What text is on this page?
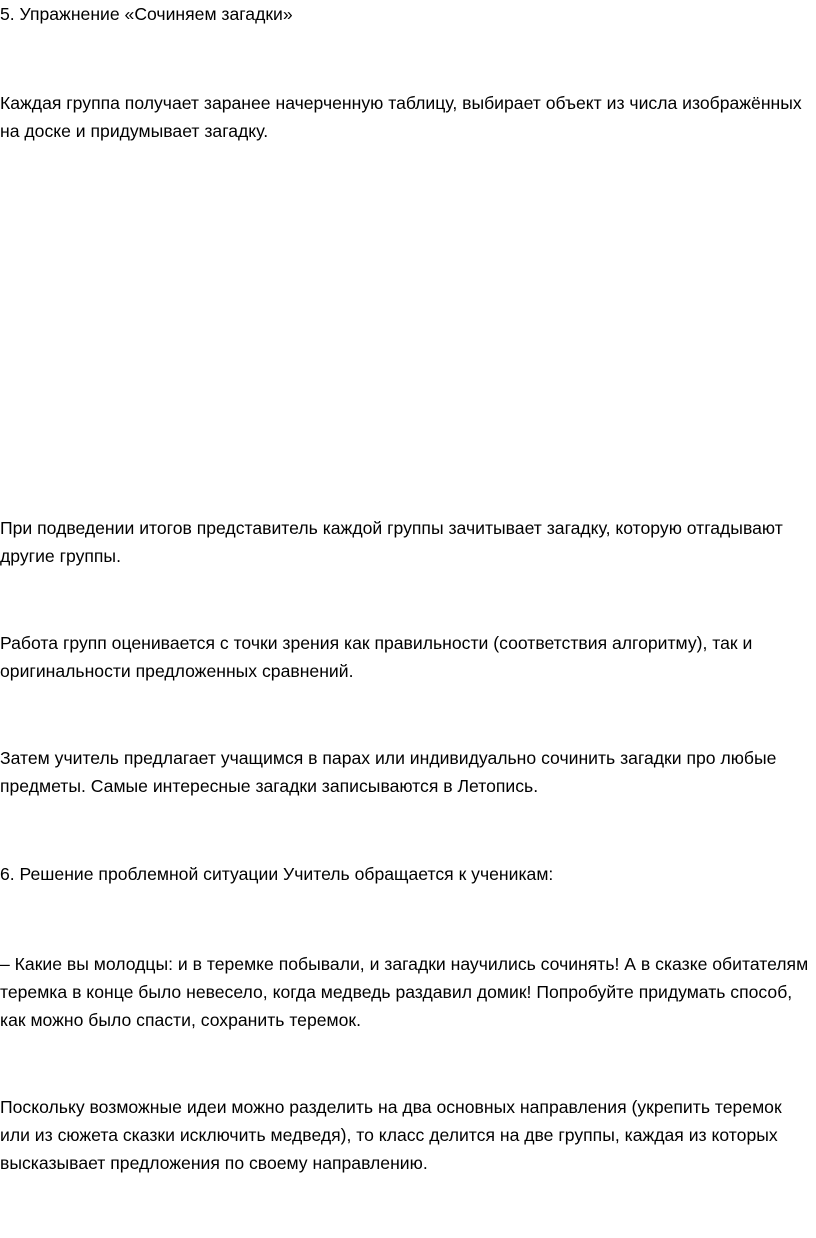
5. Упражнение «Сочиняем загадки»

Каждая группа получает заранее начерченную таблицу, выбирает объект из числа изображённых на доске и придумывает загадку.

При подведении итогов представитель каждой группы зачитывает загадку, которую отгадывают другие группы.

Работа групп оценивается с точки зрения как правильности (соответствия алгоритму), так и оригинальности предложенных сравнений.

Затем учитель предлагает учащимся в парах или индивидуально сочинить загадки про любые предметы. Самые интересные загадки записываются в Летопись.

6. Решение проблемной ситуации Учитель обращается к ученикам:

– Какие вы молодцы: и в теремке побывали, и загадки научились сочинять! А в сказке обитателям теремка в конце было невесело, когда медведь раздавил домик! Попробуйте придумать способ, как можно было спасти, сохранить теремок.

Поскольку возможные идеи можно разделить на два основных направления (укрепить теремок или из сюжета сказки исключить медведя), то класс делится на две группы, каждая из которых высказывает предложения по своему направлению.
